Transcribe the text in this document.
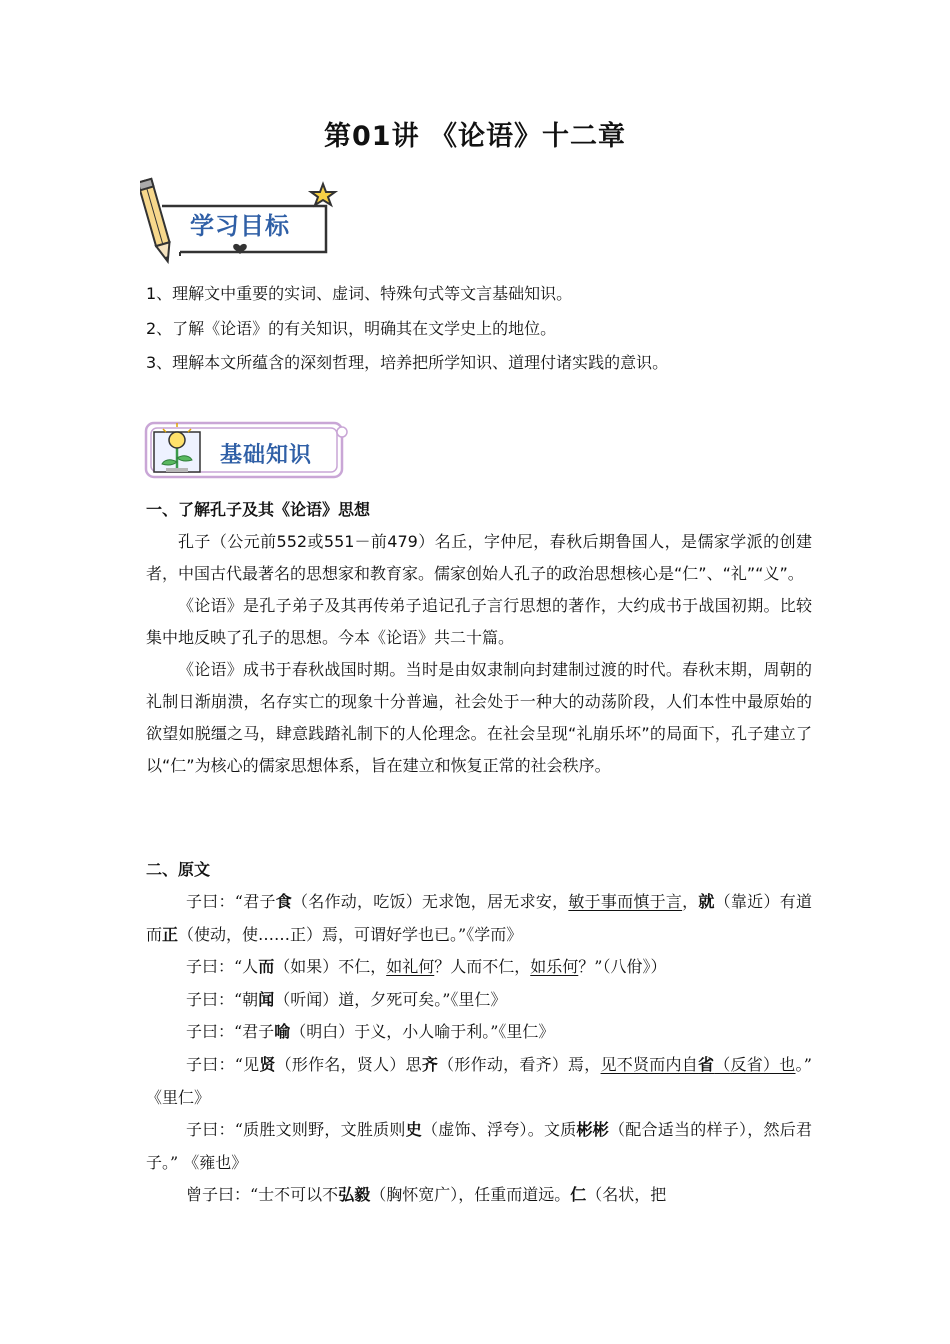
第01讲 《论语》十二章
学习目标
1、理解文中重要的实词、虚词、特殊句式等文言基础知识。
2、了解《论语》的有关知识，明确其在文学史上的地位。
3、理解本文所蕴含的深刻哲理，培养把所学知识、道理付诸实践的意识。
基础知识
一、了解孔子及其《论语》思想

孔子（公元前552或551－前479）名丘，字仲尼，春秋后期鲁国人，是儒家学派的创建者，中国古代最著名的思想家和教育家。儒家创始人孔子的政治思想核心是“仁”、“礼”“义”。

《论语》是孔子弟子及其再传弟子追记孔子言行思想的著作，大约成书于战国初期。比较集中地反映了孔子的思想。今本《论语》共二十篇。

《论语》成书于春秋战国时期。当时是由奴隶制向封建制过渡的时代。春秋末期，周朝的礼制日渐崩溃，名存实亡的现象十分普遍，社会处于一种大的动荡阶段，人们本性中最原始的欲望如脱缰之马，肆意践踏礼制下的人伦理念。在社会呈现“礼崩乐坏”的局面下，孔子建立了以“仁”为核心的儒家思想体系，旨在建立和恢复正常的社会秩序。

二、原文

子曰：“君子食（名作动，吃饭）无求饱，居无求安，敏于事而慎于言，就（靠近）有道而正（使动，使……正）焉，可谓好学也已。”《学而》

子曰：“人而（如果）不仁，如礼何？人而不仁，如乐何？”（八佾》）

子曰：“朝闻（听闻）道，夕死可矣。”《里仁》

子曰：“君子喻（明白）于义，小人喻于利。”《里仁》

子曰：“见贤（形作名，贤人）思齐（形作动，看齐）焉，见不贤而内自省（反省）也。” 《里仁》

子曰：“质胜文则野，文胜质则史（虚饰、浮夸）。文质彬彬（配合适当的样子），然后君子。” 《雍也》

曾子曰：“士不可以不弘毅（胸怀宽广），任重而道远。仁（名状，把
